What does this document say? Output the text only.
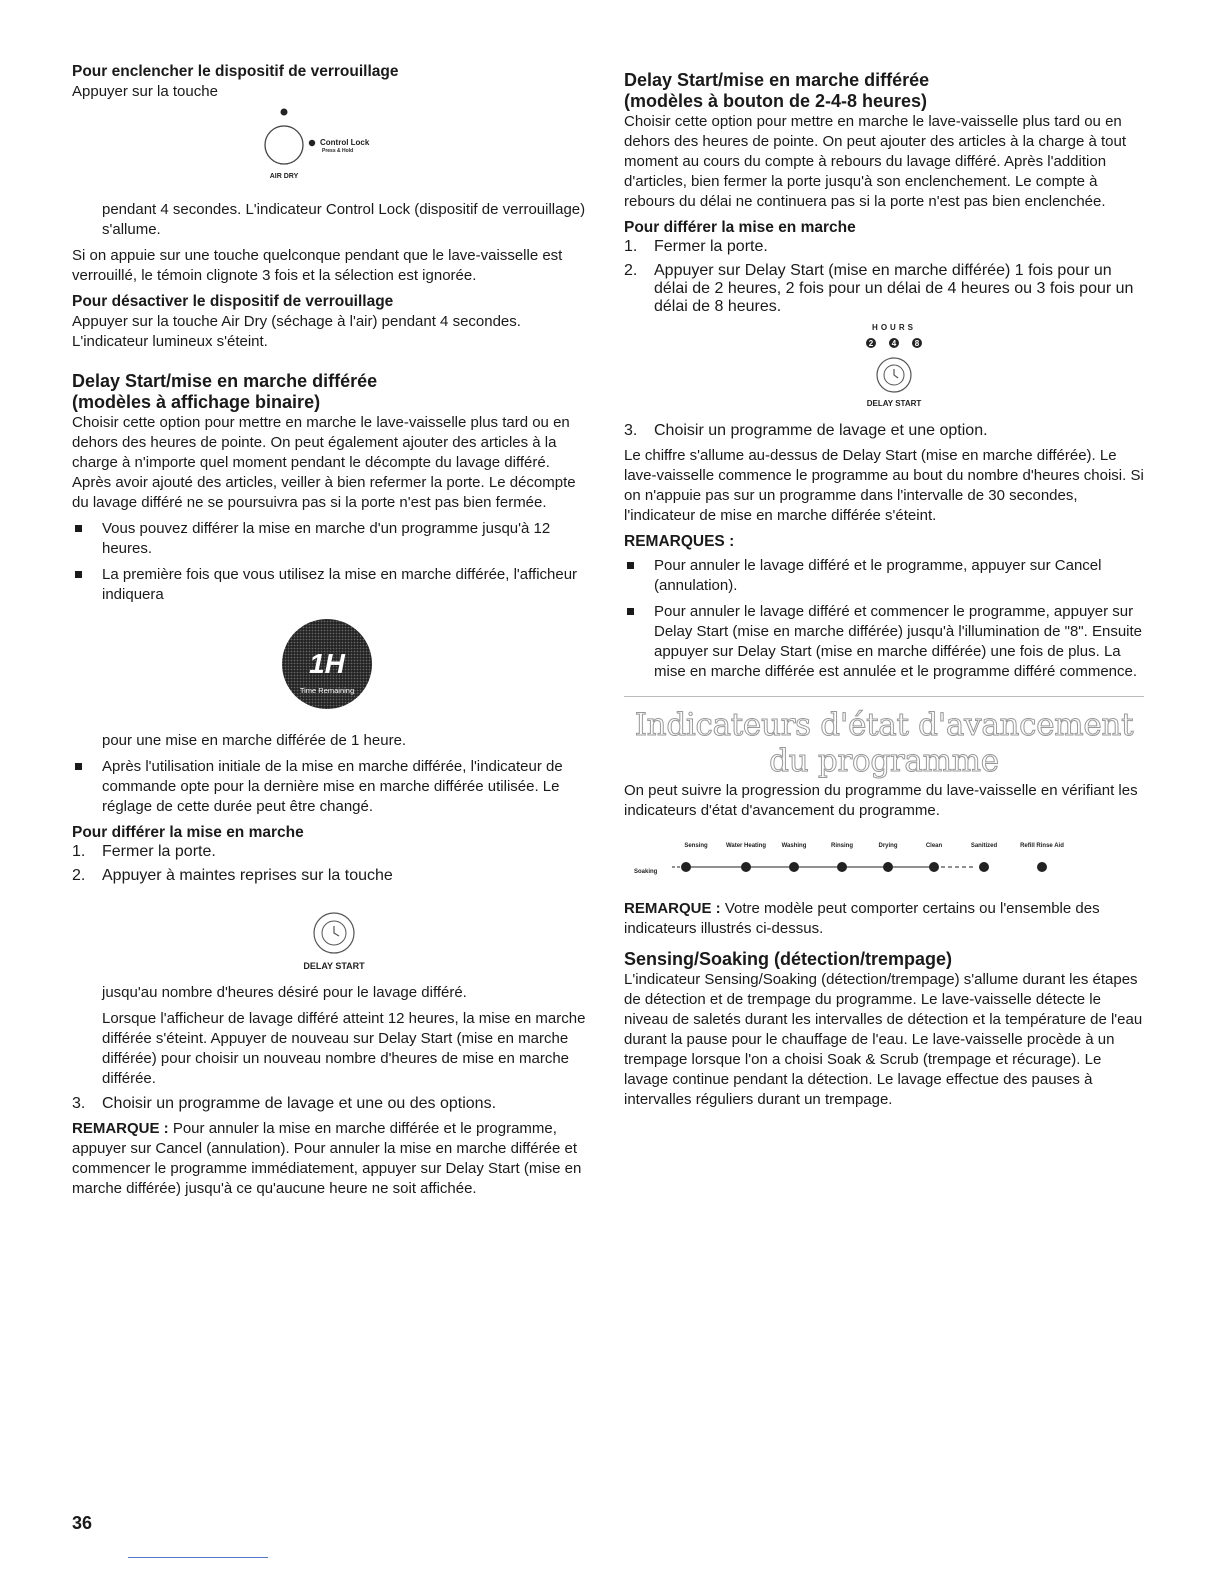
Pour enclencher le dispositif de verrouillage

Appuyer sur la touche

Control Lock
Press & Hold
AIR DRY

pendant 4 secondes. L'indicateur Control Lock (dispositif de verrouillage) s'allume.

Si on appuie sur une touche quelconque pendant que le lave-vaisselle est verrouillé, le témoin clignote 3 fois et la sélection est ignorée.

Pour désactiver le dispositif de verrouillage

Appuyer sur la touche Air Dry (séchage à l'air) pendant 4 secondes. L'indicateur lumineux s'éteint.

Delay Start/mise en marche différée

(modèles à affichage binaire)

Choisir cette option pour mettre en marche le lave-vaisselle plus tard ou en dehors des heures de pointe. On peut également ajouter des articles à la charge à n'importe quel moment pendant le décompte du lavage différé. Après avoir ajouté des articles, veiller à bien refermer la porte. Le décompte du lavage différé ne se poursuivra pas si la porte n'est pas bien fermée.

Vous pouvez différer la mise en marche d'un programme jusqu'à 12 heures.

La première fois que vous utilisez la mise en marche différée, l'afficheur indiquera

1H
Time Remaining

pour une mise en marche différée de 1 heure.

Après l'utilisation initiale de la mise en marche différée, l'indicateur de commande opte pour la dernière mise en marche différée utilisée. Le réglage de cette durée peut être changé.

Pour différer la mise en marche

1. Fermer la porte.
2. Appuyer à maintes reprises sur la touche
DELAY START

jusqu'au nombre d'heures désiré pour le lavage différé.

Lorsque l'afficheur de lavage différé atteint 12 heures, la mise en marche différée s'éteint. Appuyer de nouveau sur Delay Start (mise en marche différée) pour choisir un nouveau nombre d'heures de mise en marche différée.

3. Choisir un programme de lavage et une ou des options.

REMARQUE : Pour annuler la mise en marche différée et le programme, appuyer sur Cancel (annulation). Pour annuler la mise en marche différée et commencer le programme immédiatement, appuyer sur Delay Start (mise en marche différée) jusqu'à ce qu'aucune heure ne soit affichée.

Delay Start/mise en marche différée

(modèles à bouton de 2-4-8 heures)

Choisir cette option pour mettre en marche le lave-vaisselle plus tard ou en dehors des heures de pointe. On peut ajouter des articles à la charge à tout moment au cours du compte à rebours du lavage différé. Après l'addition d'articles, bien fermer la porte jusqu'à son enclenchement. Le compte à rebours du délai ne continuera pas si la porte n'est pas bien enclenchée.

Pour différer la mise en marche

1. Fermer la porte.
2. Appuyer sur Delay Start (mise en marche différée) 1 fois pour un délai de 2 heures, 2 fois pour un délai de 4 heures ou 3 fois pour un délai de 8 heures.
HOURS
2 4 8
DELAY START
3. Choisir un programme de lavage et une option.

Le chiffre s'allume au-dessus de Delay Start (mise en marche différée). Le lave-vaisselle commence le programme au bout du nombre d'heures choisi. Si on n'appuie pas sur un programme dans l'intervalle de 30 secondes, l'indicateur de mise en marche différée s'éteint.

REMARQUES :

Pour annuler le lavage différé et le programme, appuyer sur Cancel (annulation).

Pour annuler le lavage différé et commencer le programme, appuyer sur Delay Start (mise en marche différée) jusqu'à l'illumination de "8". Ensuite appuyer sur Delay Start (mise en marche différée) une fois de plus. La mise en marche différée est annulée et le programme différé commence.

Indicateurs d'état d'avancement

du programme

On peut suivre la progression du programme du lave-vaisselle en vérifiant les indicateurs d'état d'avancement du programme.

Sensing	Water Heating	Washing	Rinsing	Drying	Clean	Sanitized	Refill Rinse Aid
Soaking

REMARQUE : Votre modèle peut comporter certains ou l'ensemble des indicateurs illustrés ci-dessus.

Sensing/Soaking (détection/trempage)

L'indicateur Sensing/Soaking (détection/trempage) s'allume durant les étapes de détection et de trempage du programme. Le lave-vaisselle détecte le niveau de saletés durant les intervalles de détection et la température de l'eau durant la pause pour le chauffage de l'eau. Le lave-vaisselle procède à un trempage lorsque l'on a choisi Soak & Scrub (trempage et récurage). Le lavage continue pendant la détection. Le lavage effectue des pauses à intervalles réguliers durant un trempage.

36
